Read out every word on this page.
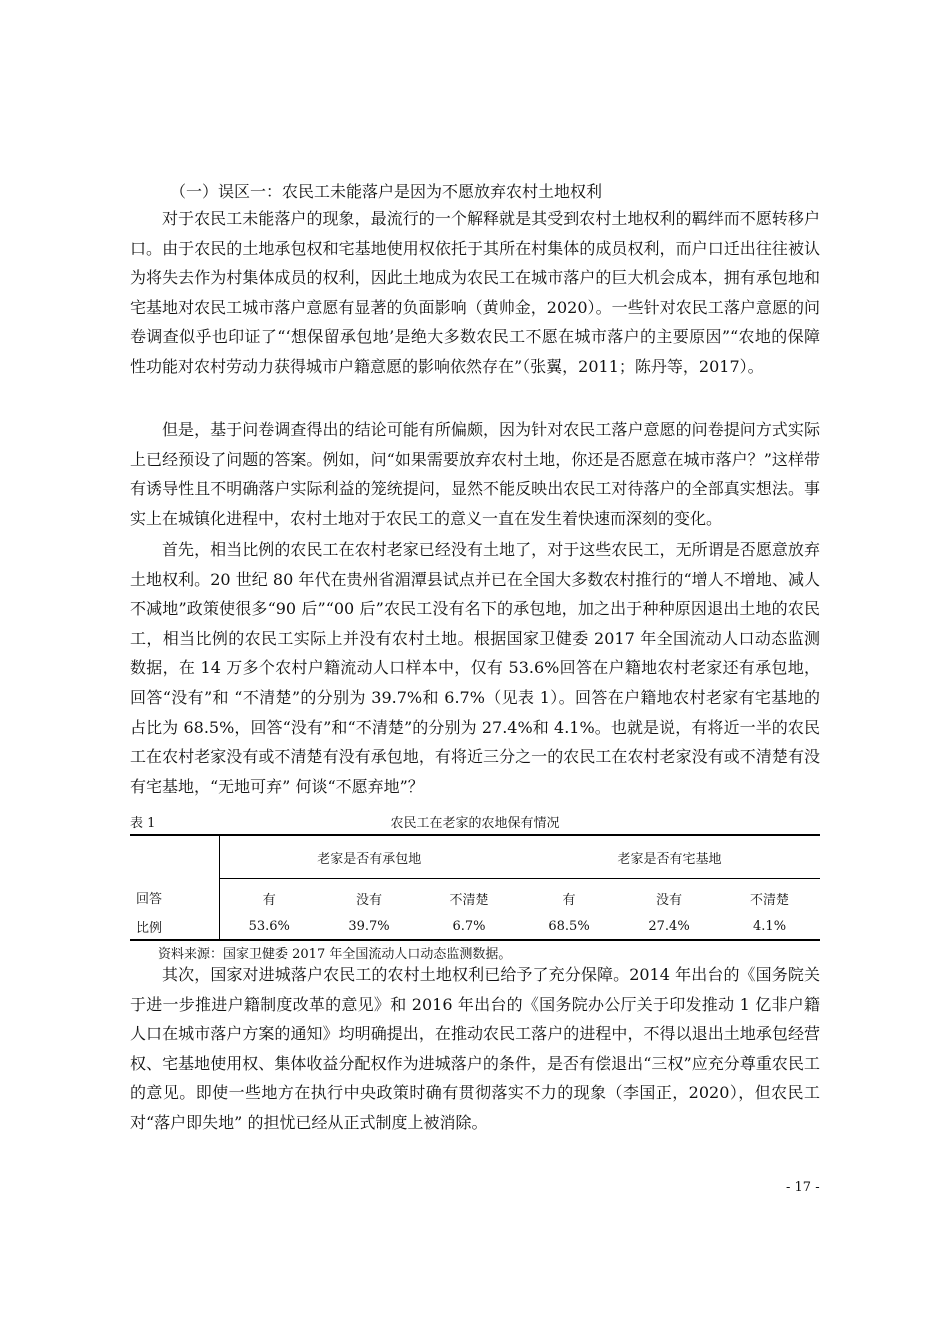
（一）误区一：农民工未能落户是因为不愿放弃农村土地权利

对于农民工未能落户的现象，最流行的一个解释就是其受到农村土地权利的羁绊而不愿转移户口。由于农民的土地承包权和宅基地使用权依托于其所在村集体的成员权利，而户口迁出往往被认为将失去作为村集体成员的权利，因此土地成为农民工在城市落户的巨大机会成本，拥有承包地和宅基地对农民工城市落户意愿有显著的负面影响（黄帅金，2020）。一些针对农民工落户意愿的问卷调查似乎也印证了“‘想保留承包地’是绝大多数农民工不愿在城市落户的主要原因”“农地的保障性功能对农村劳动力获得城市户籍意愿的影响依然存在”（张翼，2011；陈丹等，2017）。

但是，基于问卷调查得出的结论可能有所偏颇，因为针对农民工落户意愿的问卷提问方式实际上已经预设了问题的答案。例如，问“如果需要放弃农村土地，你还是否愿意在城市落户？”这样带有诱导性且不明确落户实际利益的笼统提问，显然不能反映出农民工对待落户的全部真实想法。事实上在城镇化进程中，农村土地对于农民工的意义一直在发生着快速而深刻的变化。

首先，相当比例的农民工在农村老家已经没有土地了，对于这些农民工，无所谓是否愿意放弃土地权利。20 世纪 80 年代在贵州省湄潭县试点并已在全国大多数农村推行的“增人不增地、减人不减地”政策使很多“90 后”“00 后”农民工没有名下的承包地，加之出于种种原因退出土地的农民工，相当比例的农民工实际上并没有农村土地。根据国家卫健委 2017 年全国流动人口动态监测数据，在 14 万多个农村户籍流动人口样本中，仅有 53.6%回答在户籍地农村老家还有承包地，回答“没有”和 “不清楚”的分别为 39.7%和 6.7%（见表 1）。回答在户籍地农村老家有宅基地的占比为 68.5%，回答“没有”和“不清楚”的分别为 27.4%和 4.1%。也就是说，有将近一半的农民工在农村老家没有或不清楚有没有承包地，有将近三分之一的农民工在农村老家没有或不清楚有没有宅基地，“无地可弃” 何谈“不愿弃地”？

表 1	农民工在老家的农地保有情况
	老家是否有承包地			老家是否有宅基地		
回答	有	没有	不清楚	有	没有	不清楚
比例	53.6%	39.7%	6.7%	68.5%	27.4%	4.1%
资料来源：国家卫健委 2017 年全国流动人口动态监测数据。

其次，国家对进城落户农民工的农村土地权利已给予了充分保障。2014 年出台的《国务院关于进一步推进户籍制度改革的意见》和 2016 年出台的《国务院办公厅关于印发推动 1 亿非户籍人口在城市落户方案的通知》均明确提出，在推动农民工落户的进程中，不得以退出土地承包经营权、宅基地使用权、集体收益分配权作为进城落户的条件，是否有偿退出“三权”应充分尊重农民工的意见。即使一些地方在执行中央政策时确有贯彻落实不力的现象（李国正，2020），但农民工对“落户即失地” 的担忧已经从正式制度上被消除。

- 17 -
